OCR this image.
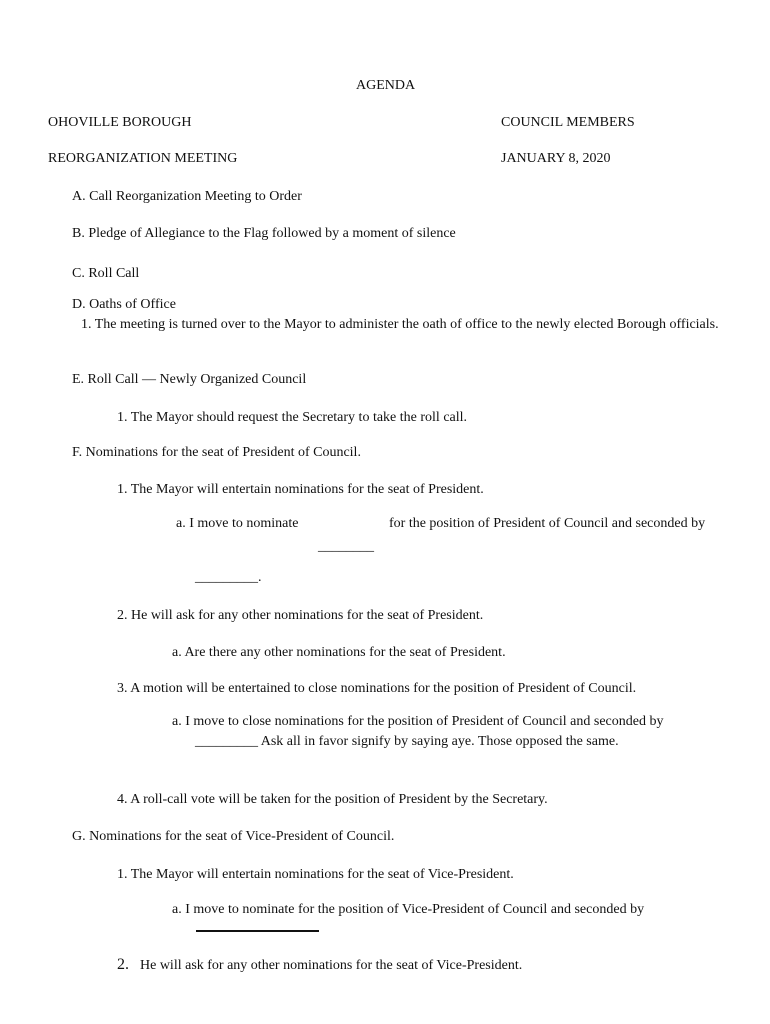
AGENDA
OHOVILLE BOROUGH	COUNCIL MEMBERS
REORGANIZATION MEETING	JANUARY 8, 2020
A. Call Reorganization Meeting to Order
B. Pledge of Allegiance to the Flag followed by a moment of silence
C. Roll Call
D. Oaths of Office
1. The meeting is turned over to the Mayor to administer the oath of office to the newly elected Borough officials.
E. Roll Call — Newly Organized Council
1. The Mayor should request the Secretary to take the roll call.
F. Nominations for the seat of President of Council.
1. The Mayor will entertain nominations for the seat of President.
a. I move to nominate	for the position of President of Council and seconded by
________
_________.
2. He will ask for any other nominations for the seat of President.
a. Are there any other nominations for the seat of President.
3. A motion will be entertained to close nominations for the position of President of Council.
a. I move to close nominations for the position of President of Council and seconded by
_________ Ask all in favor signify by saying aye. Those opposed the same.
4. A roll-call vote will be taken for the position of President by the Secretary.
G. Nominations for the seat of Vice-President of Council.
1. The Mayor will entertain nominations for the seat of Vice-President.
a. I move to nominate for the position of Vice-President of Council and seconded by
2. He will ask for any other nominations for the seat of Vice-President.
